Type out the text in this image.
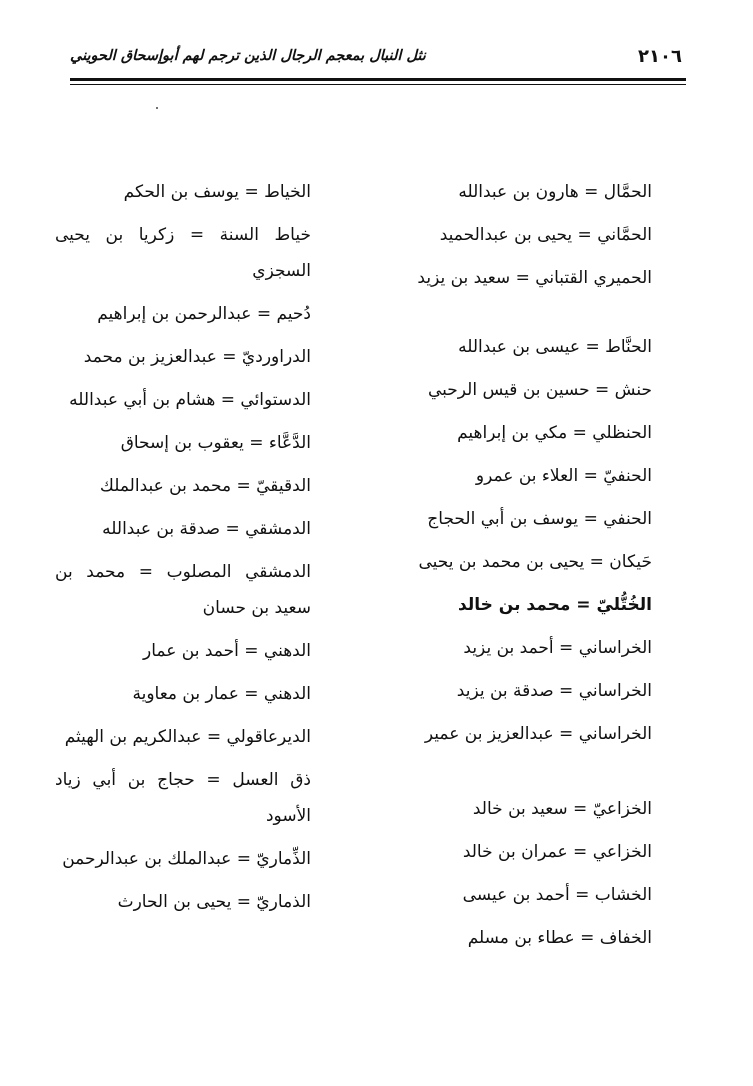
٢١٠٦
نثل النبال بمعجم الرجال الذين ترجم لهم أبوإسحاق الحويني
الحمَّال = هارون بن عبدالله
الحمَّاني = يحيى بن عبدالحميد
الحميري القتباني = سعيد بن يزيد
الحنَّاط = عيسى بن عبدالله
حنش = حسين بن قيس الرحبي
الحنظلي = مكي بن إبراهيم
الحنفيّ = العلاء بن عمرو
الحنفي = يوسف بن أبي الحجاج
حَيكان = يحيى بن محمد بن يحيى
الخُتُّليّ = محمد بن خالد
الخراساني = أحمد بن يزيد
الخراساني = صدقة بن يزيد
الخراساني = عبدالعزيز بن عمير
الخزاعيّ = سعيد بن خالد
الخزاعي = عمران بن خالد
الخشاب = أحمد بن عيسى
الخفاف = عطاء بن مسلم
الخياط = يوسف بن الحكم
خياط السنة = زكريا بن يحيى السجزي
دُحيم = عبدالرحمن بن إبراهيم
الدراورديّ = عبدالعزيز بن محمد
الدستوائي = هشام بن أبي عبدالله
الدَّعَّاء = يعقوب بن إسحاق
الدقيقيّ = محمد بن عبدالملك
الدمشقي = صدقة بن عبدالله
الدمشقي المصلوب = محمد بن سعيد بن حسان
الدهني = أحمد بن عمار
الدهني = عمار بن معاوية
الديرعاقولي = عبدالكريم بن الهيثم
ذق العسل = حجاج بن أبي زياد الأسود
الذِّماريّ = عبدالملك بن عبدالرحمن
الذماريّ = يحيى بن الحارث
